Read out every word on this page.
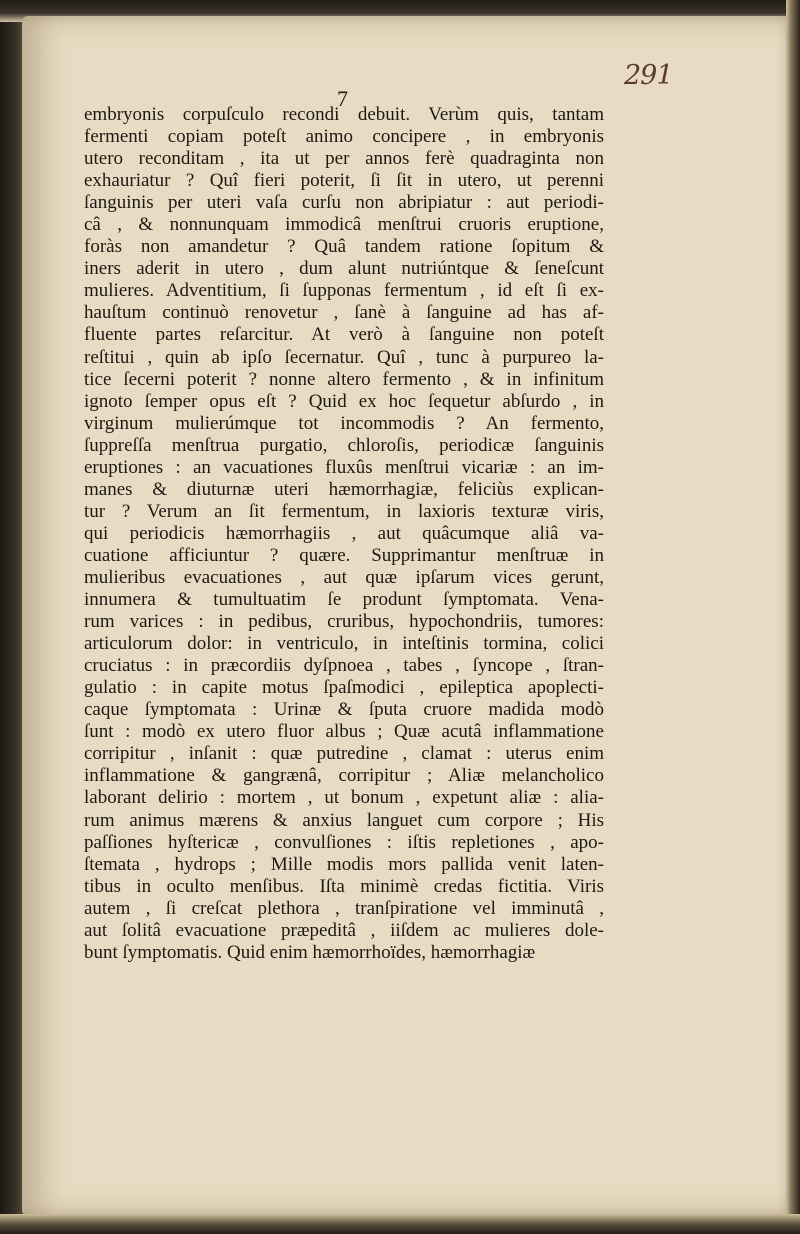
291
7
embryonis corpuſculo recondi debuit. Verùm quis, tantam
fermenti copiam poteſt animo concipere , in embryonis
utero reconditam , ita ut per annos ferè quadraginta non
exhauriatur ? Quî fieri poterit, ſi ſit in utero, ut perenni
ſanguinis per uteri vaſa curſu non abripiatur : aut periodi-
câ , & nonnunquam immodicâ menſtrui cruoris eruptione,
foràs non amandetur ? Quâ tandem ratione ſopitum &
iners aderit in utero , dum alunt nutriúntque & ſeneſcunt
mulieres. Adventitium, ſi ſupponas fermentum , id eſt ſi ex-
hauſtum continuò renovetur , ſanè à ſanguine ad has af-
fluente partes reſarcitur. At verò à ſanguine non poteſt
reſtitui , quin ab ipſo ſecernatur. Quî , tunc à purpureo la-
tice ſecerni poterit ? nonne altero fermento , & in infinitum
ignoto ſemper opus eſt ? Quid ex hoc ſequetur abſurdo , in
virginum mulierúmque tot incommodis ? An fermento,
ſuppreſſa menſtrua purgatio, chloroſis, periodicæ ſanguinis
eruptiones : an vacuationes fluxûs menſtrui vicariæ : an im-
manes & diuturnæ uteri hæmorrhagiæ, feliciùs explican-
tur ? Verum an ſit fermentum, in laxioris texturæ viris,
qui periodicis hæmorrhagiis , aut quâcumque aliâ va-
cuatione afficiuntur ? quære. Supprimantur menſtruæ in
mulieribus evacuationes , aut quæ ipſarum vices gerunt,
innumera & tumultuatim ſe produnt ſymptomata. Vena-
rum varices : in pedibus, cruribus, hypochondriis, tumores:
articulorum dolor: in ventriculo, in inteſtinis tormina, colici
cruciatus : in præcordiis dyſpnoea , tabes , ſyncope , ſtran-
gulatio : in capite motus ſpaſmodici , epileptica apoplecti-
caque ſymptomata : Urinæ & ſputa cruore madida modò
ſunt : modò ex utero fluor albus ; Quæ acutâ inflammatione
corripitur , inſanit : quæ putredine , clamat : uterus enim
inflammatione & gangrænâ, corripitur ; Aliæ melancholico
laborant delirio : mortem , ut bonum , expetunt aliæ : alia-
rum animus mærens & anxius languet cum corpore ; His
paſſiones hyſtericæ , convulſiones : iſtis repletiones , apo-
ſtemata , hydrops ; Mille modis mors pallida venit laten-
tibus in oculto menſibus. Iſta minimè credas fictitia. Viris
autem , ſi creſcat plethora , tranſpiratione vel imminutâ ,
aut ſolitâ evacuatione præpeditâ , iiſdem ac mulieres dole-
bunt ſymptomatis. Quid enim hæmorrhoïdes, hæmorrhagiæ
